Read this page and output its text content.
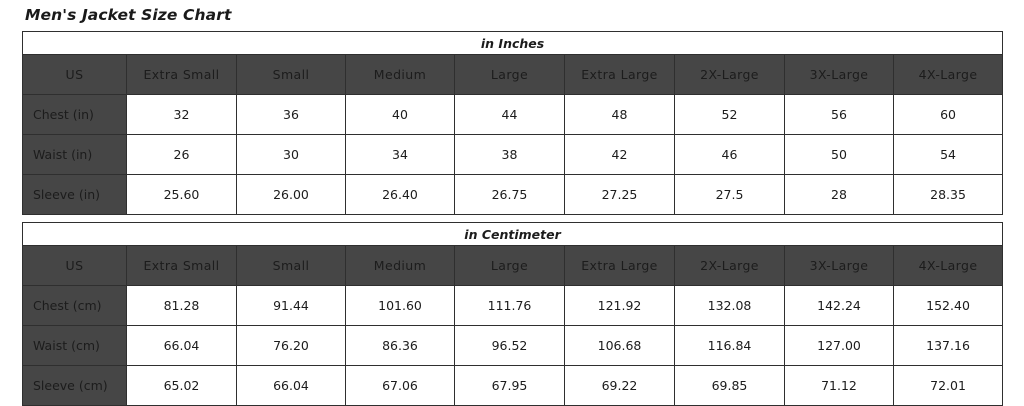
Men's Jacket Size Chart
in Inches								
US	Extra Small	Small	Medium	Large	Extra Large	2X-Large	3X-Large	4X-Large
Chest (in)	32	36	40	44	48	52	56	60
Waist (in)	26	30	34	38	42	46	50	54
Sleeve (in)	25.60	26.00	26.40	26.75	27.25	27.5	28	28.35
in Centimeter								
US	Extra Small	Small	Medium	Large	Extra Large	2X-Large	3X-Large	4X-Large
Chest (cm)	81.28	91.44	101.60	111.76	121.92	132.08	142.24	152.40
Waist (cm)	66.04	76.20	86.36	96.52	106.68	116.84	127.00	137.16
Sleeve (cm)	65.02	66.04	67.06	67.95	69.22	69.85	71.12	72.01
